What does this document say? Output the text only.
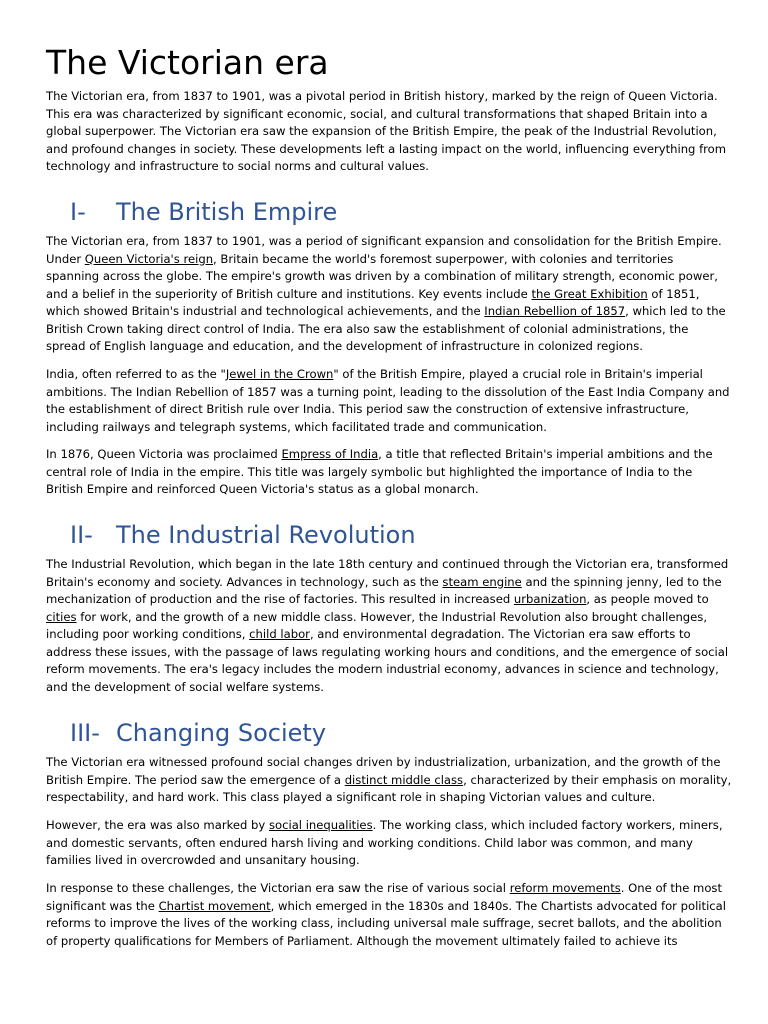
The Victorian era
The Victorian era, from 1837 to 1901, was a pivotal period in British history, marked by the reign of Queen Victoria.
This era was characterized by significant economic, social, and cultural transformations that shaped Britain into a
global superpower. The Victorian era saw the expansion of the British Empire, the peak of the Industrial Revolution,
and profound changes in society. These developments left a lasting impact on the world, influencing everything from
technology and infrastructure to social norms and cultural values.
I- The British Empire
The Victorian era, from 1837 to 1901, was a period of significant expansion and consolidation for the British Empire.
Under Queen Victoria's reign, Britain became the world's foremost superpower, with colonies and territories
spanning across the globe. The empire's growth was driven by a combination of military strength, economic power,
and a belief in the superiority of British culture and institutions. Key events include the Great Exhibition of 1851,
which showed Britain's industrial and technological achievements, and the Indian Rebellion of 1857, which led to the
British Crown taking direct control of India. The era also saw the establishment of colonial administrations, the
spread of English language and education, and the development of infrastructure in colonized regions.
India, often referred to as the "Jewel in the Crown" of the British Empire, played a crucial role in Britain's imperial
ambitions. The Indian Rebellion of 1857 was a turning point, leading to the dissolution of the East India Company and
the establishment of direct British rule over India. This period saw the construction of extensive infrastructure,
including railways and telegraph systems, which facilitated trade and communication.
In 1876, Queen Victoria was proclaimed Empress of India, a title that reflected Britain's imperial ambitions and the
central role of India in the empire. This title was largely symbolic but highlighted the importance of India to the
British Empire and reinforced Queen Victoria's status as a global monarch.
II- The Industrial Revolution
The Industrial Revolution, which began in the late 18th century and continued through the Victorian era, transformed
Britain's economy and society. Advances in technology, such as the steam engine and the spinning jenny, led to the
mechanization of production and the rise of factories. This resulted in increased urbanization, as people moved to
cities for work, and the growth of a new middle class. However, the Industrial Revolution also brought challenges,
including poor working conditions, child labor, and environmental degradation. The Victorian era saw efforts to
address these issues, with the passage of laws regulating working hours and conditions, and the emergence of social
reform movements. The era's legacy includes the modern industrial economy, advances in science and technology,
and the development of social welfare systems.
III- Changing Society
The Victorian era witnessed profound social changes driven by industrialization, urbanization, and the growth of the
British Empire. The period saw the emergence of a distinct middle class, characterized by their emphasis on morality,
respectability, and hard work. This class played a significant role in shaping Victorian values and culture.
However, the era was also marked by social inequalities. The working class, which included factory workers, miners,
and domestic servants, often endured harsh living and working conditions. Child labor was common, and many
families lived in overcrowded and unsanitary housing.
In response to these challenges, the Victorian era saw the rise of various social reform movements. One of the most
significant was the Chartist movement, which emerged in the 1830s and 1840s. The Chartists advocated for political
reforms to improve the lives of the working class, including universal male suffrage, secret ballots, and the abolition
of property qualifications for Members of Parliament. Although the movement ultimately failed to achieve its
